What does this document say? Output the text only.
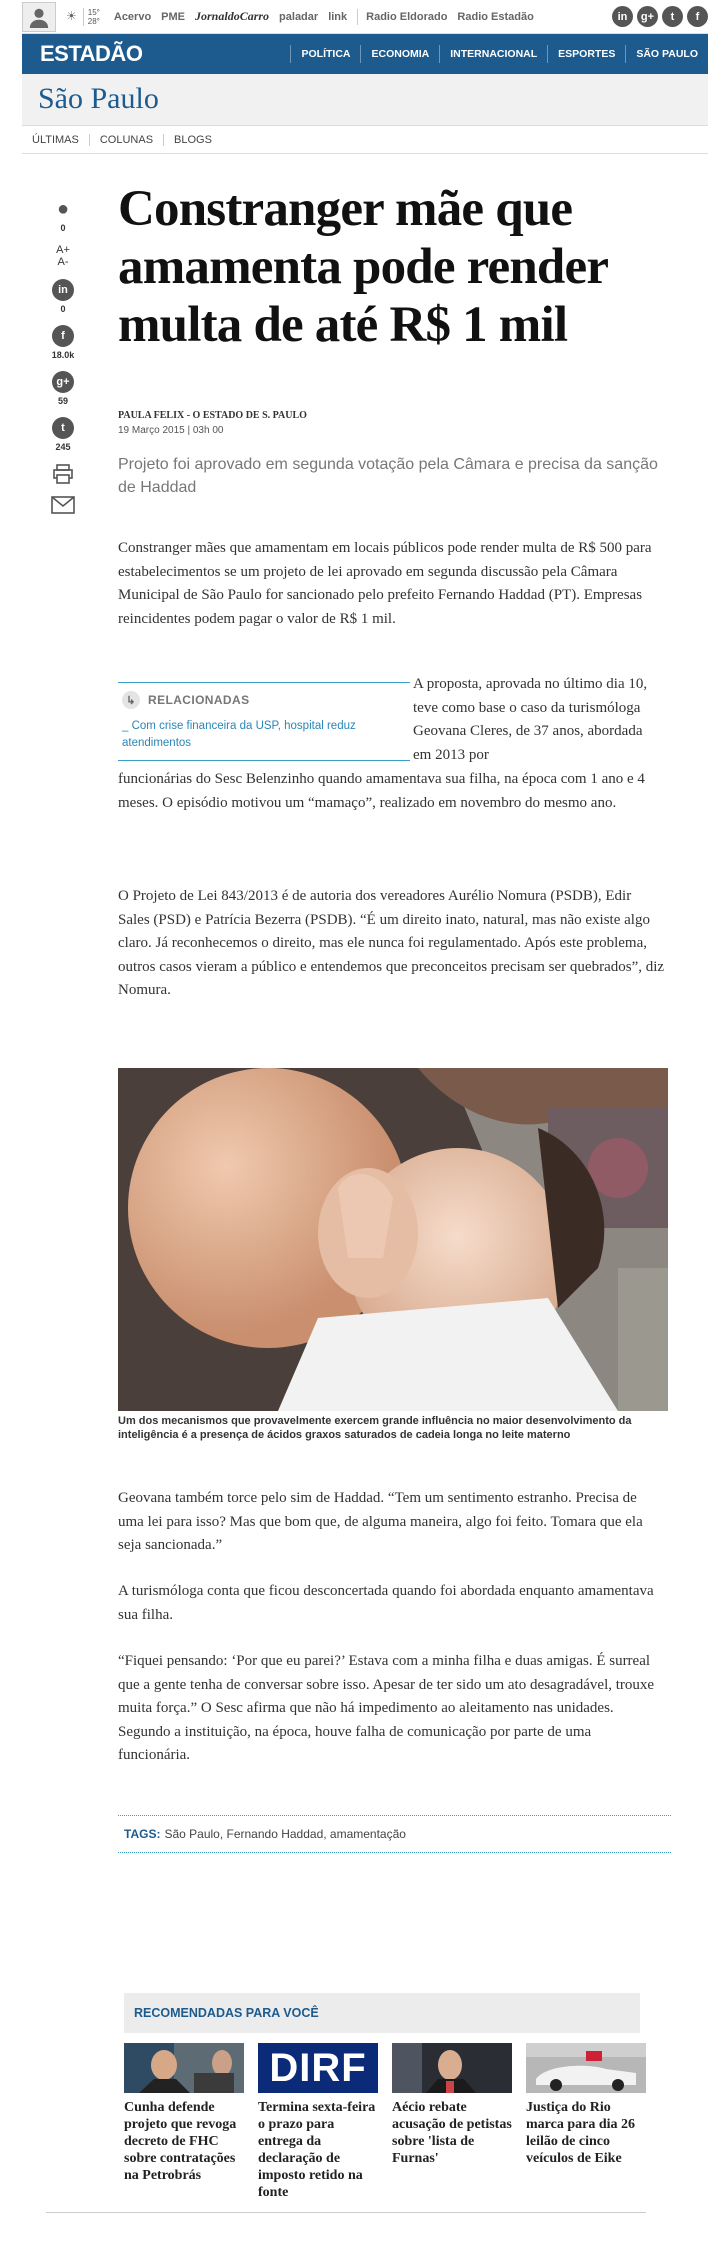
☀ 15°
28° Acervo PME JornaldoCarro paladar link Radio Eldorado Radio Estadão	in	g+	t	f
ESTADÃO	POLÍTICA	ECONOMIA	INTERNACIONAL	ESPORTES	SÃO PAULO
São Paulo
ÚLTIMAS	COLUNAS	BLOGS
●
0
A+
A-
in
0
f
18.0k
g+
59
t
245
Constranger mãe que amamenta pode render multa de até R$ 1 mil
PAULA FELIX - O ESTADO DE S. PAULO
19 Março 2015 | 03h 00
Projeto foi aprovado em segunda votação pela Câmara e precisa da sanção de Haddad

Constranger mães que amamentam em locais públicos pode render multa de R$ 500 para estabelecimentos se um projeto de lei aprovado em segunda discussão pela Câmara Municipal de São Paulo for sancionado pelo prefeito Fernando Haddad (PT). Empresas reincidentes podem pagar o valor de R$ 1 mil.

↳	RELACIONADAS
_ Com crise financeira da USP, hospital reduz atendimentos

A proposta, aprovada no último dia 10, teve como base o caso da turismóloga Geovana Cleres, de 37 anos, abordada em 2013 por

funcionárias do Sesc Belenzinho quando amamentava sua filha, na época com 1 ano e 4 meses. O episódio motivou um “mamaço”, realizado em novembro do mesmo ano.

O Projeto de Lei 843/2013 é de autoria dos vereadores Aurélio Nomura (PSDB), Edir Sales (PSD) e Patrícia Bezerra (PSDB). “É um direito inato, natural, mas não existe algo claro. Já reconhecemos o direito, mas ele nunca foi regulamentado. Após este problema, outros casos vieram a público e entendemos que preconceitos precisam ser quebrados”, diz Nomura.

Um dos mecanismos que provavelmente exercem grande influência no maior desenvolvimento da inteligência é a presença de ácidos graxos saturados de cadeia longa no leite materno

Geovana também torce pelo sim de Haddad. “Tem um sentimento estranho. Precisa de uma lei para isso? Mas que bom que, de alguma maneira, algo foi feito. Tomara que ela seja sancionada.”

A turismóloga conta que ficou desconcertada quando foi abordada enquanto amamentava sua filha.

“Fiquei pensando: ‘Por que eu parei?’ Estava com a minha filha e duas amigas. É surreal que a gente tenha de conversar sobre isso. Apesar de ter sido um ato desagradável, trouxe muita força.” O Sesc afirma que não há impedimento ao aleitamento nas unidades. Segundo a instituição, na época, houve falha de comunicação por parte de uma funcionária.

TAGS: São Paulo, Fernando Haddad, amamentação
RECOMENDADAS PARA VOCÊ
Cunha defende projeto que revoga decreto de FHC sobre contratações na Petrobrás
DIRF
Termina sexta-feira o prazo para entrega da declaração de imposto retido na fonte
Aécio rebate acusação de petistas sobre 'lista de Furnas'
Justiça do Rio marca para dia 26 leilão de cinco veículos de Eike
